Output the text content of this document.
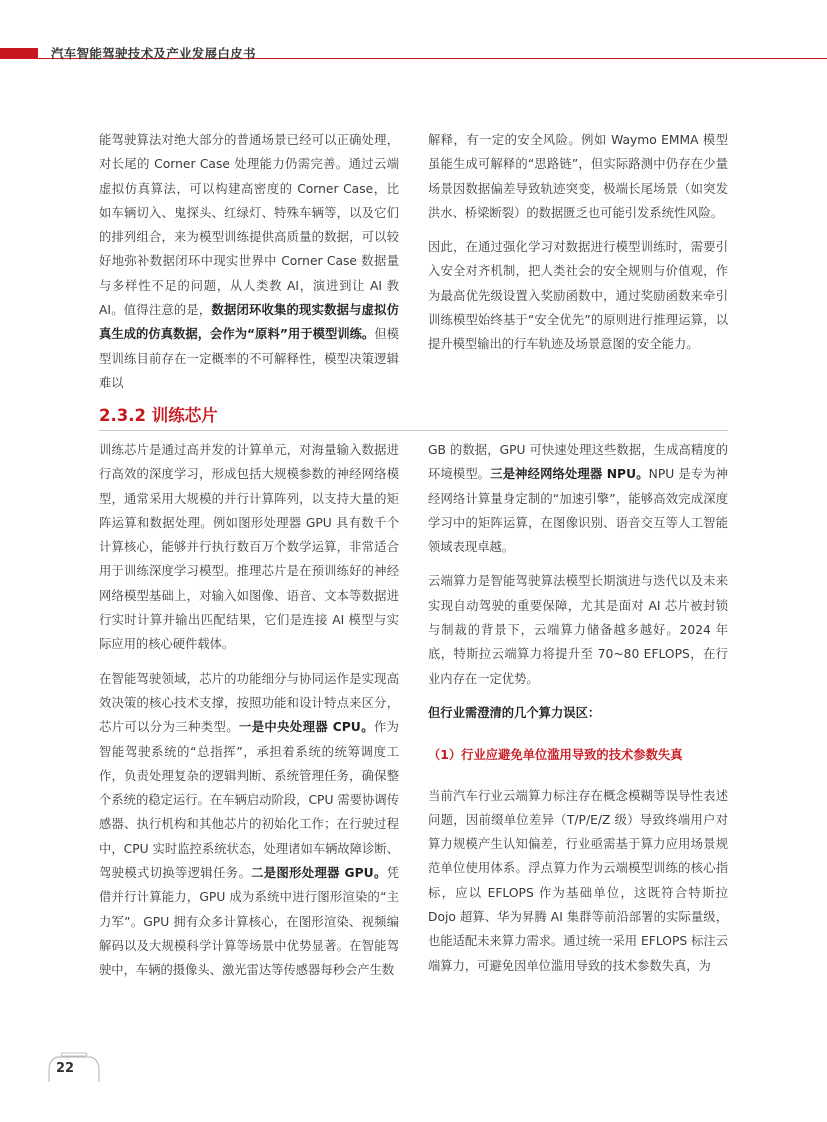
汽车智能驾驶技术及产业发展白皮书

能驾驶算法对绝大部分的普通场景已经可以正确处理，对长尾的 Corner Case 处理能力仍需完善。通过云端虚拟仿真算法，可以构建高密度的 Corner Case，比如车辆切入、鬼探头、红绿灯、特殊车辆等，以及它们的排列组合，来为模型训练提供高质量的数据，可以较好地弥补数据闭环中现实世界中 Corner Case 数据量与多样性不足的问题，从人类教 AI，演进到让 AI 教 AI。值得注意的是，数据闭环收集的现实数据与虚拟仿真生成的仿真数据，会作为“原料”用于模型训练。但模型训练目前存在一定概率的不可解释性，模型决策逻辑难以

解释，有一定的安全风险。例如 Waymo EMMA 模型虽能生成可解释的“思路链”，但实际路测中仍存在少量场景因数据偏差导致轨迹突变，极端长尾场景（如突发洪水、桥梁断裂）的数据匮乏也可能引发系统性风险。

因此，在通过强化学习对数据进行模型训练时，需要引入安全对齐机制，把人类社会的安全规则与价值观，作为最高优先级设置入奖励函数中，通过奖励函数来牵引训练模型始终基于“安全优先”的原则进行推理运算，以提升模型输出的行车轨迹及场景意图的安全能力。

2.3.2 训练芯片

训练芯片是通过高并发的计算单元，对海量输入数据进行高效的深度学习，形成包括大规模参数的神经网络模型，通常采用大规模的并行计算阵列，以支持大量的矩阵运算和数据处理。例如图形处理器 GPU 具有数千个计算核心，能够并行执行数百万个数学运算，非常适合用于训练深度学习模型。推理芯片是在预训练好的神经网络模型基础上，对输入如图像、语音、文本等数据进行实时计算并输出匹配结果，它们是连接 AI 模型与实际应用的核心硬件载体。

在智能驾驶领域，芯片的功能细分与协同运作是实现高效决策的核心技术支撑，按照功能和设计特点来区分，芯片可以分为三种类型。一是中央处理器 CPU。作为智能驾驶系统的“总指挥”，承担着系统的统筹调度工作，负责处理复杂的逻辑判断、系统管理任务，确保整个系统的稳定运行。在车辆启动阶段，CPU 需要协调传感器、执行机构和其他芯片的初始化工作；在行驶过程中，CPU 实时监控系统状态，处理诸如车辆故障诊断、驾驶模式切换等逻辑任务。二是图形处理器 GPU。凭借并行计算能力，GPU 成为系统中进行图形渲染的“主力军”。GPU 拥有众多计算核心，在图形渲染、视频编解码以及大规模科学计算等场景中优势显著。在智能驾驶中，车辆的摄像头、激光雷达等传感器每秒会产生数

GB 的数据，GPU 可快速处理这些数据，生成高精度的环境模型。三是神经网络处理器 NPU。NPU 是专为神经网络计算量身定制的“加速引擎”，能够高效完成深度学习中的矩阵运算，在图像识别、语音交互等人工智能领域表现卓越。

云端算力是智能驾驶算法模型长期演进与迭代以及未来实现自动驾驶的重要保障，尤其是面对 AI 芯片被封锁与制裁的背景下，云端算力储备越多越好。2024 年底，特斯拉云端算力将提升至 70~80 EFLOPS，在行业内存在一定优势。

但行业需澄清的几个算力误区：

（1）行业应避免单位滥用导致的技术参数失真

当前汽车行业云端算力标注存在概念模糊等误导性表述问题，因前缀单位差异（T/P/E/Z 级）导致终端用户对算力规模产生认知偏差，行业亟需基于算力应用场景规范单位使用体系。浮点算力作为云端模型训练的核心指标，应以 EFLOPS 作为基础单位，这既符合特斯拉 Dojo 超算、华为昇腾 AI 集群等前沿部署的实际量级，也能适配未来算力需求。通过统一采用 EFLOPS 标注云端算力，可避免因单位滥用导致的技术参数失真，为

22
